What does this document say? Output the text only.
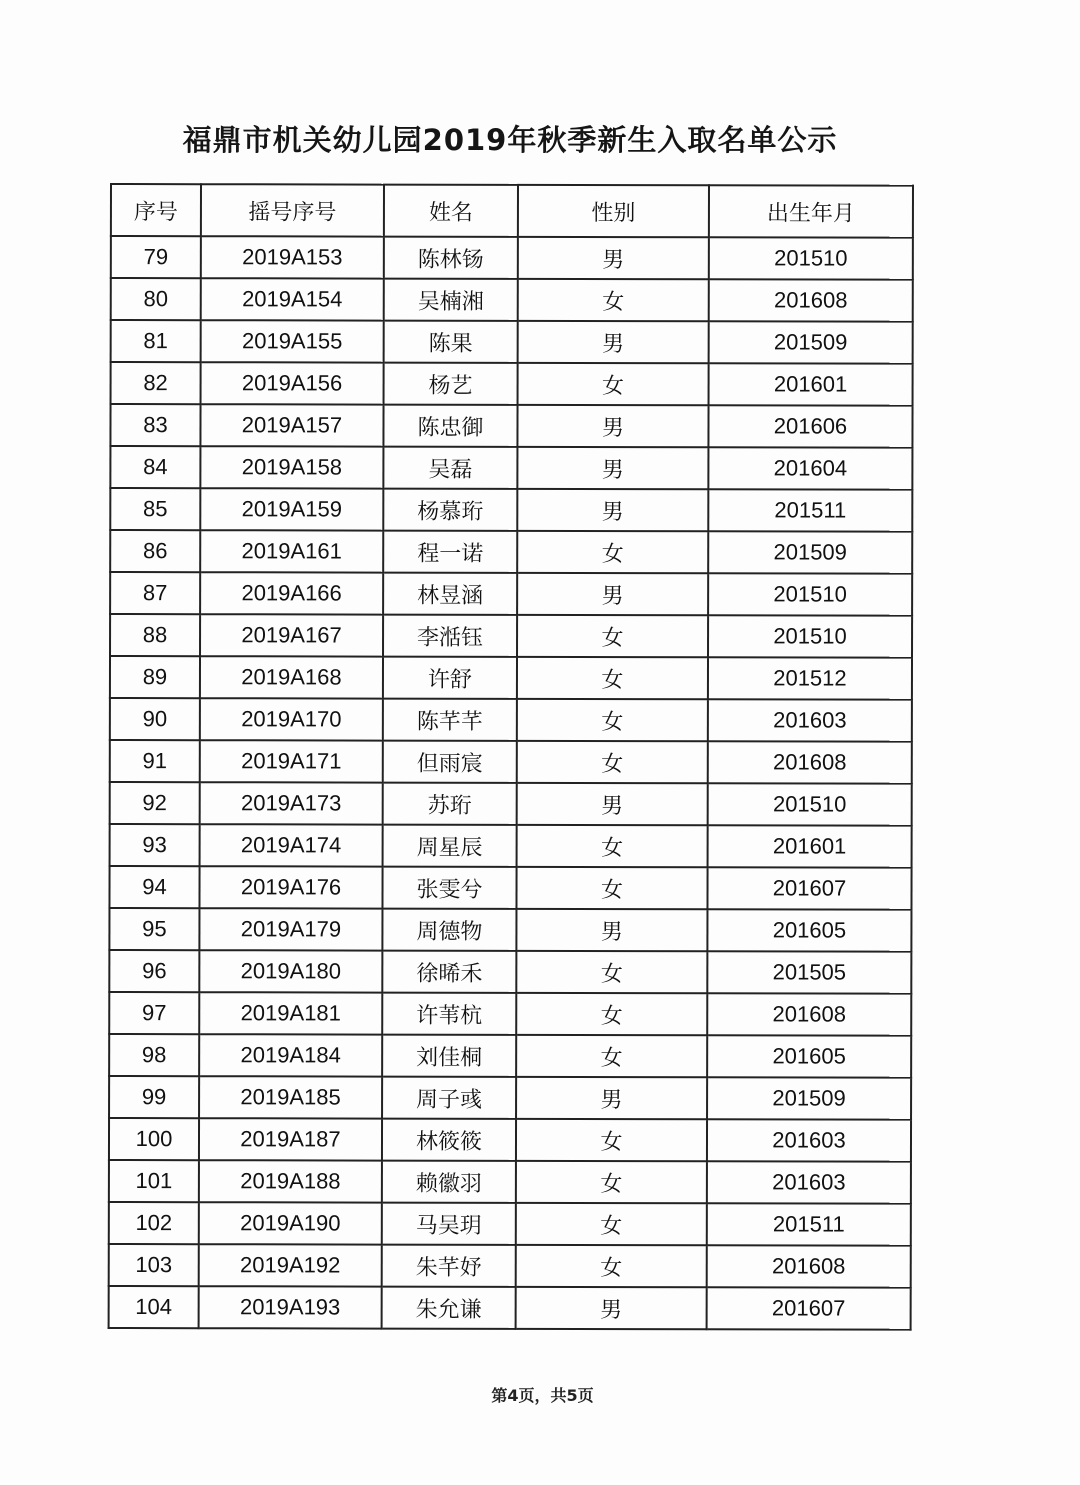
福鼎市机关幼儿园2019年秋季新生入取名单公示
序号	摇号序号	姓名	性别	出生年月
79	2019A153	陈林钖	男	201510
80	2019A154	吴楠湘	女	201608
81	2019A155	陈果	男	201509
82	2019A156	杨艺	女	201601
83	2019A157	陈忠御	男	201606
84	2019A158	吴磊	男	201604
85	2019A159	杨慕珩	男	201511
86	2019A161	程一诺	女	201509
87	2019A166	林昱涵	男	201510
88	2019A167	李湉钰	女	201510
89	2019A168	许舒	女	201512
90	2019A170	陈芊芊	女	201603
91	2019A171	但雨宸	女	201608
92	2019A173	苏珩	男	201510
93	2019A174	周星辰	女	201601
94	2019A176	张雯兮	女	201607
95	2019A179	周德物	男	201605
96	2019A180	徐晞禾	女	201505
97	2019A181	许苇杭	女	201608
98	2019A184	刘佳桐	女	201605
99	2019A185	周子彧	男	201509
100	2019A187	林筱筱	女	201603
101	2019A188	赖徽羽	女	201603
102	2019A190	马吴玥	女	201511
103	2019A192	朱芊妤	女	201608
104	2019A193	朱允谦	男	201607
第4页，共5页
